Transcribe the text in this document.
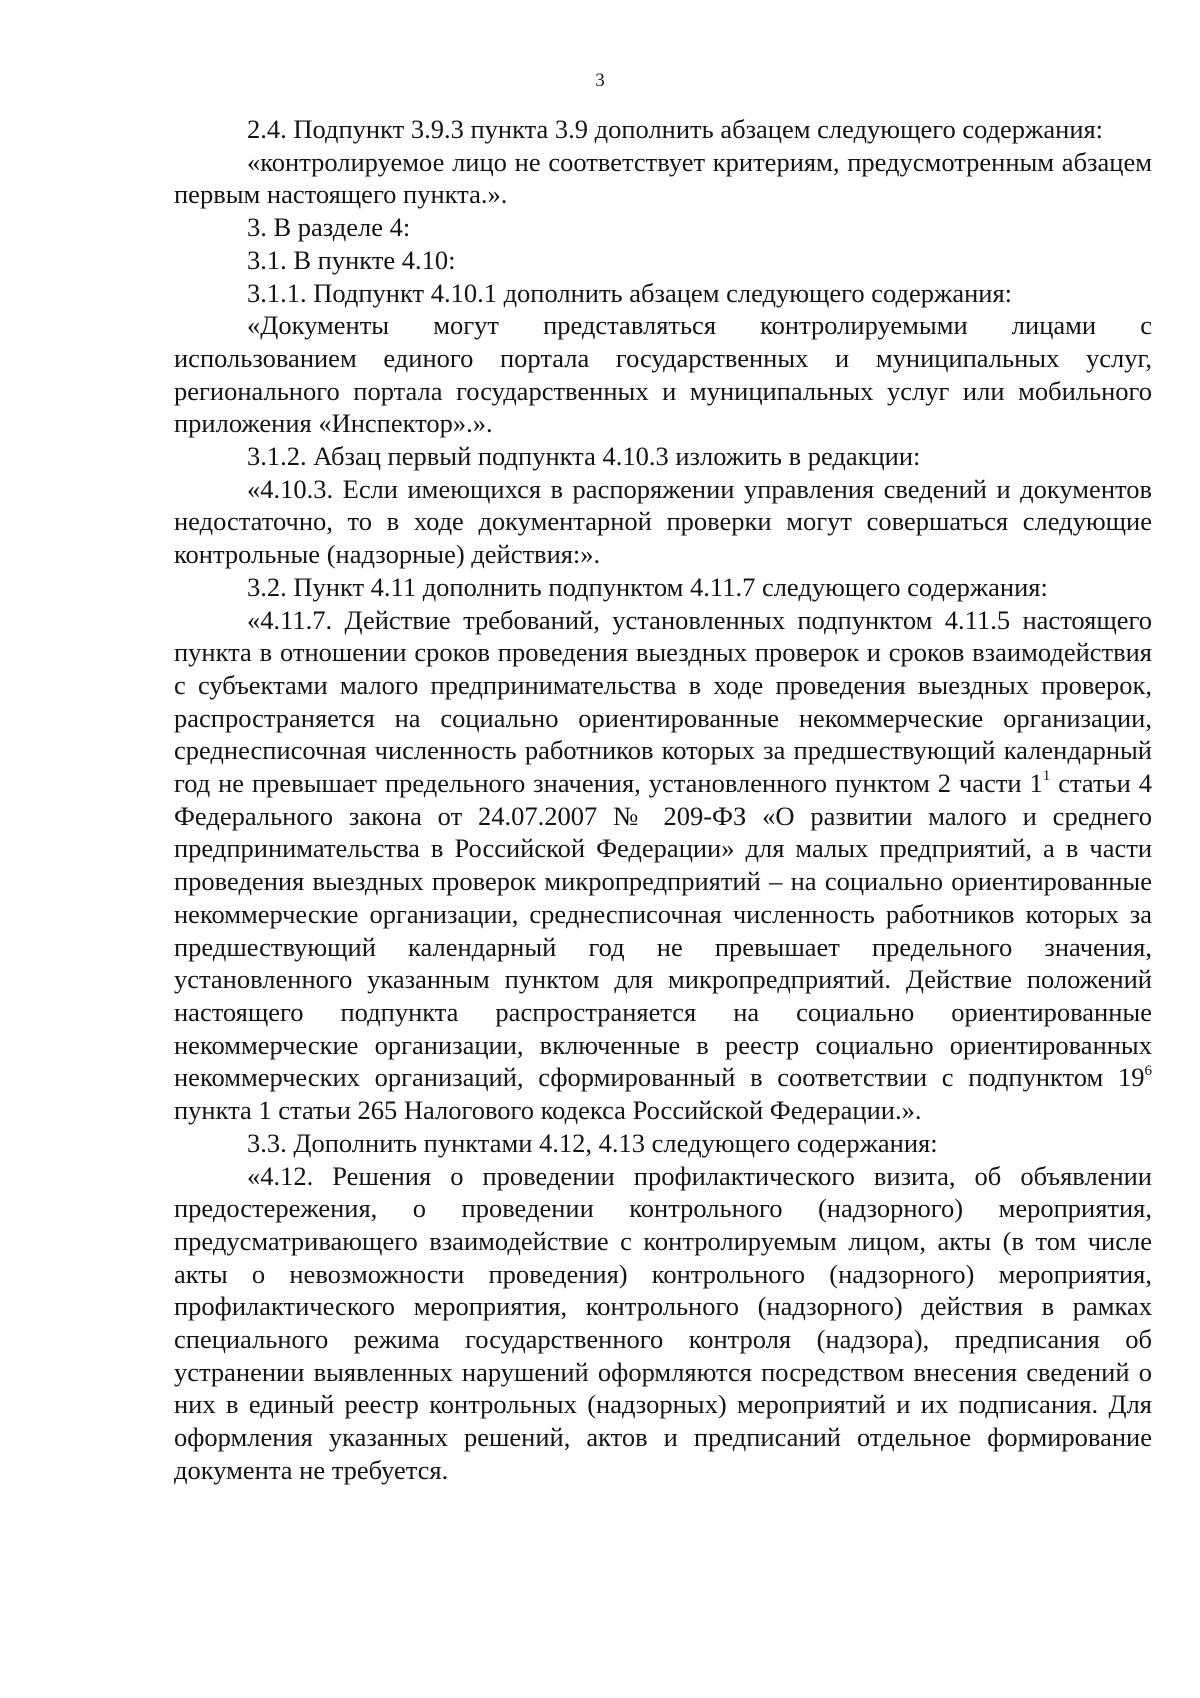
3

2.4. Подпункт 3.9.3 пункта 3.9 дополнить абзацем следующего содержания:

«контролируемое лицо не соответствует критериям, предусмотренным абзацем первым настоящего пункта.».

3. В разделе 4:

3.1. В пункте 4.10:

3.1.1. Подпункт 4.10.1 дополнить абзацем следующего содержания:

«Документы могут представляться контролируемыми лицами с использованием единого портала государственных и муниципальных услуг, регионального портала государственных и муниципальных услуг или мобильного приложения «Инспектор».».

3.1.2. Абзац первый подпункта 4.10.3 изложить в редакции:

«4.10.3. Если имеющихся в распоряжении управления сведений и документов недостаточно, то в ходе документарной проверки могут совершаться следующие контрольные (надзорные) действия:».

3.2. Пункт 4.11 дополнить подпунктом 4.11.7 следующего содержания:

«4.11.7. Действие требований, установленных подпунктом 4.11.5 настоящего пункта в отношении сроков проведения выездных проверок и сроков взаимодействия с субъектами малого предпринимательства в ходе проведения выездных проверок, распространяется на социально ориентированные некоммерческие организации, среднесписочная численность работников которых за предшествующий календарный год не превышает предельного значения, установленного пунктом 2 части $1^1$ статьи 4 Федерального закона от 24.07.2007 № 209-ФЗ «О развитии малого и среднего предпринимательства в Российской Федерации» для малых предприятий, а в части проведения выездных проверок микропредприятий – на социально ориентированные некоммерческие организации, среднесписочная численность работников которых за предшествующий календарный год не превышает предельного значения, установленного указанным пунктом для микропредприятий. Действие положений настоящего подпункта распространяется на социально ориентированные некоммерческие организации, включенные в реестр социально ориентированных некоммерческих организаций, сформированный в соответствии с подпунктом $19^6$ пункта 1 статьи 265 Налогового кодекса Российской Федерации.».

3.3. Дополнить пунктами 4.12, 4.13 следующего содержания:

«4.12. Решения о проведении профилактического визита, об объявлении предостережения, о проведении контрольного (надзорного) мероприятия, предусматривающего взаимодействие с контролируемым лицом, акты (в том числе акты о невозможности проведения) контрольного (надзорного) мероприятия, профилактического мероприятия, контрольного (надзорного) действия в рамках специального режима государственного контроля (надзора), предписания об устранении выявленных нарушений оформляются посредством внесения сведений о них в единый реестр контрольных (надзорных) мероприятий и их подписания. Для оформления указанных решений, актов и предписаний отдельное формирование документа не требуется.
